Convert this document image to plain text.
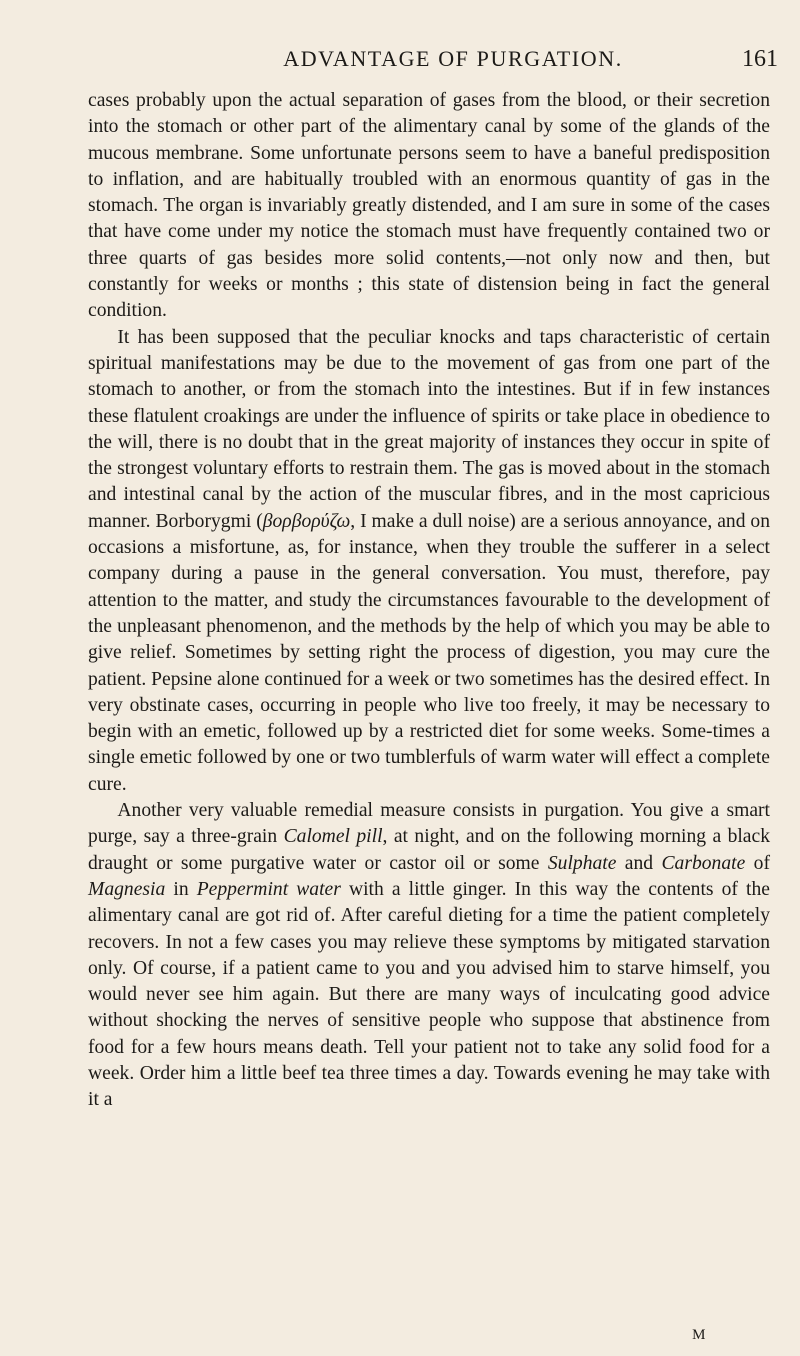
ADVANTAGE OF PURGATION.	161

cases probably upon the actual separation of gases from the blood, or their secretion into the stomach or other part of the alimentary canal by some of the glands of the mucous membrane. Some unfortunate persons seem to have a baneful predisposition to inflation, and are habitually troubled with an enormous quantity of gas in the stomach. The organ is invariably greatly distended, and I am sure in some of the cases that have come under my notice the stomach must have frequently contained two or three quarts of gas besides more solid contents,—not only now and then, but constantly for weeks or months ; this state of distension being in fact the general condition.

It has been supposed that the peculiar knocks and taps characteristic of certain spiritual manifestations may be due to the movement of gas from one part of the stomach to another, or from the stomach into the intestines. But if in few instances these flatulent croakings are under the influence of spirits or take place in obedience to the will, there is no doubt that in the great majority of instances they occur in spite of the strongest voluntary efforts to restrain them. The gas is moved about in the stomach and intestinal canal by the action of the muscular fibres, and in the most capricious manner. Borborygmi (βορβορύζω, I make a dull noise) are a serious annoyance, and on occasions a misfortune, as, for instance, when they trouble the sufferer in a select company during a pause in the general conversation. You must, therefore, pay attention to the matter, and study the circumstances favourable to the development of the unpleasant phenomenon, and the methods by the help of which you may be able to give relief. Sometimes by setting right the process of digestion, you may cure the patient. Pepsine alone continued for a week or two sometimes has the desired effect. In very obstinate cases, occurring in people who live too freely, it may be necessary to begin with an emetic, followed up by a restricted diet for some weeks. Some-times a single emetic followed by one or two tumblerfuls of warm water will effect a complete cure.

Another very valuable remedial measure consists in purgation. You give a smart purge, say a three-grain Calomel pill, at night, and on the following morning a black draught or some purgative water or castor oil or some Sulphate and Carbonate of Magnesia in Peppermint water with a little ginger. In this way the contents of the alimentary canal are got rid of. After careful dieting for a time the patient completely recovers. In not a few cases you may relieve these symptoms by mitigated starvation only. Of course, if a patient came to you and you advised him to starve himself, you would never see him again. But there are many ways of inculcating good advice without shocking the nerves of sensitive people who suppose that abstinence from food for a few hours means death. Tell your patient not to take any solid food for a week. Order him a little beef tea three times a day. Towards evening he may take with it a

M
